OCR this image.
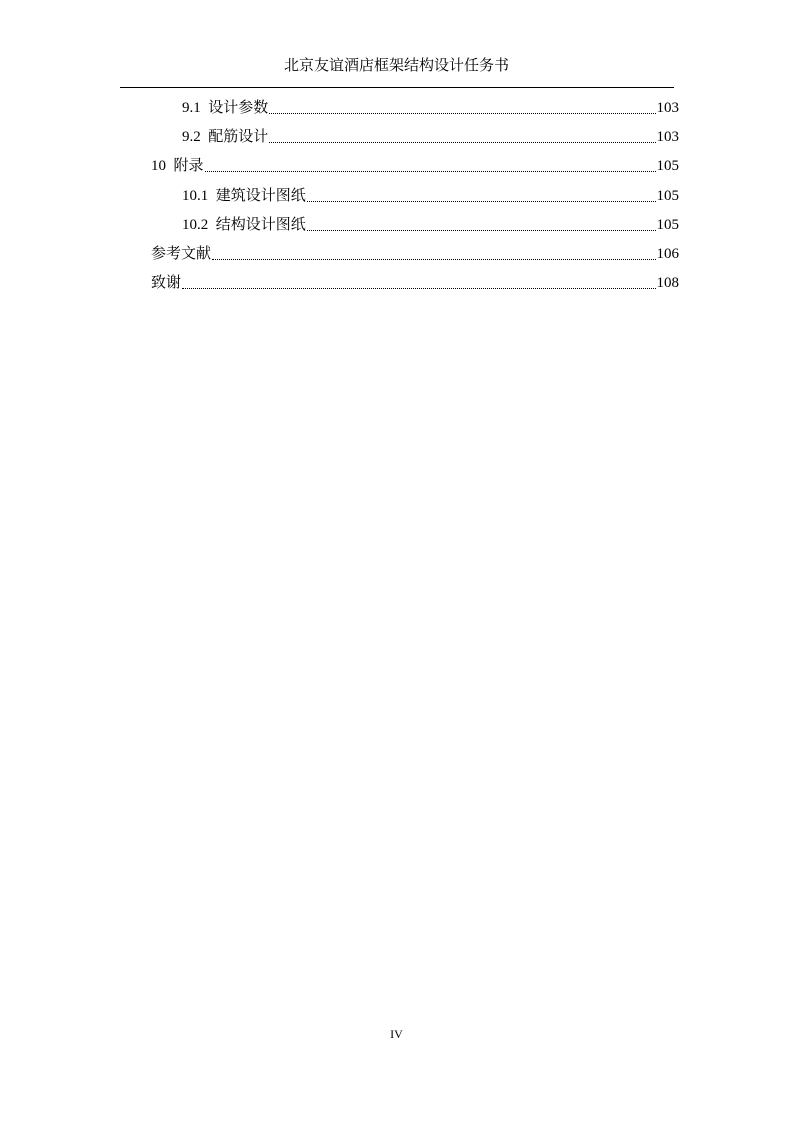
北京友谊酒店框架结构设计任务书
9.1 设计参数	103
9.2 配筋设计	103
10 附录	105
10.1 建筑设计图纸	105
10.2 结构设计图纸	105
参考文献	106
致谢	108
IV
